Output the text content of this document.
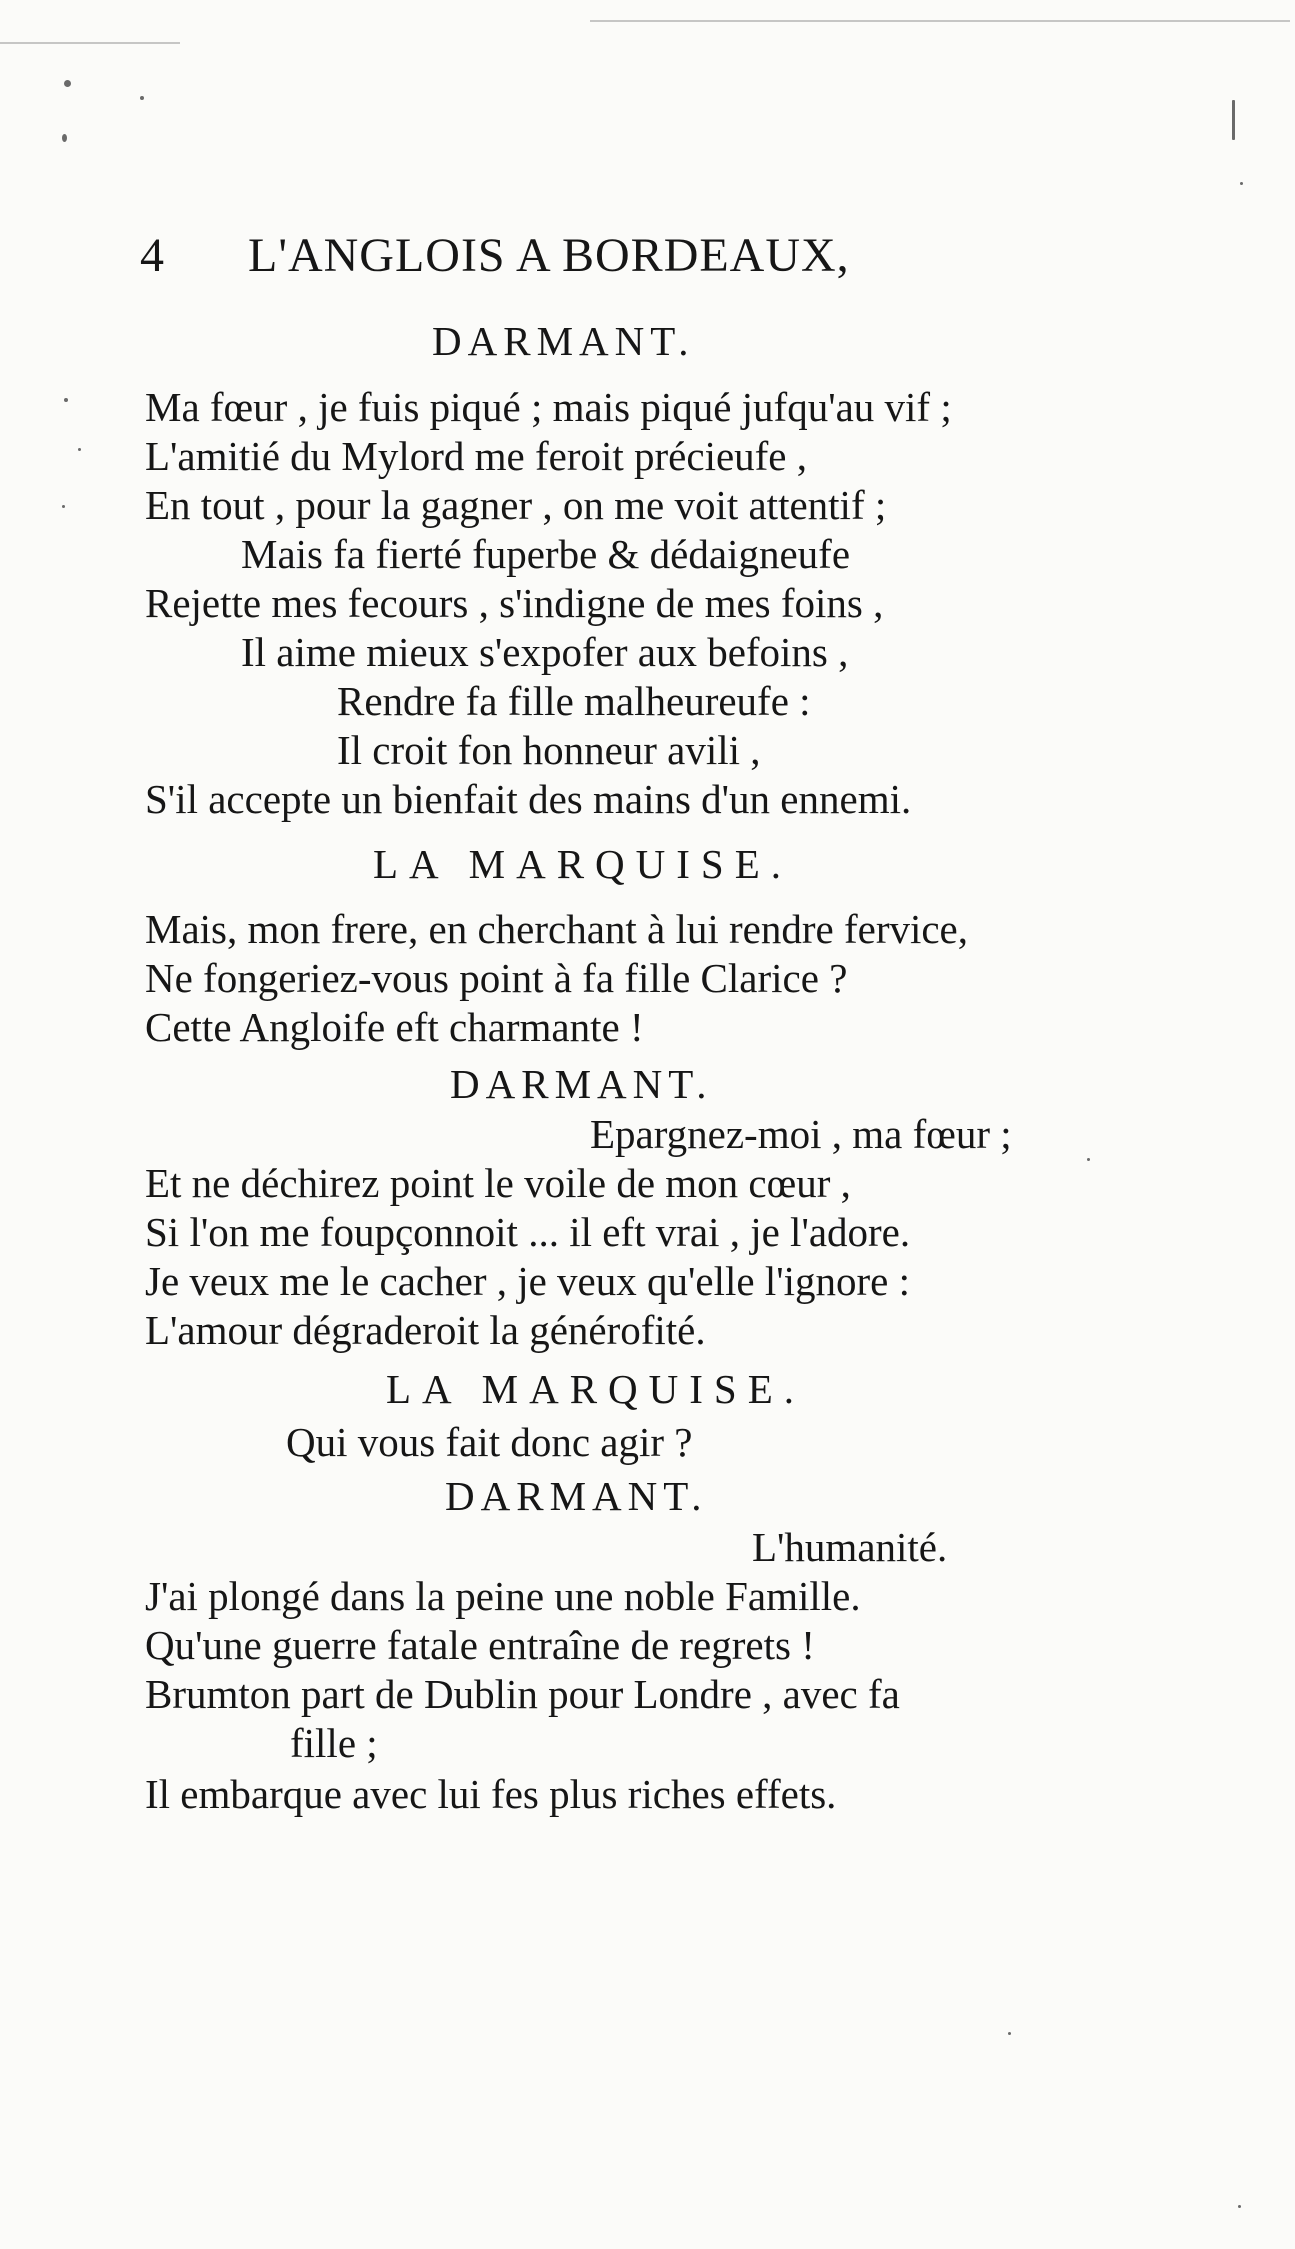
4 L'ANGLOIS A BORDEAUX,
DARMANT.
Ma fœur , je fuis piqué ; mais piqué jufqu'au vif ;
L'amitié du Mylord me feroit précieufe ,
En tout , pour la gagner , on me voit attentif ;
Mais fa fierté fuperbe & dédaigneufe
Rejette mes fecours , s'indigne de mes foins ,
Il aime mieux s'expofer aux befoins ,
Rendre fa fille malheureufe :
Il croit fon honneur avili ,
S'il accepte un bienfait des mains d'un ennemi.
LA MARQUISE.
Mais, mon frere, en cherchant à lui rendre fervice,
Ne fongeriez-vous point à fa fille Clarice ?
Cette Angloife eft charmante !
DARMANT.
Epargnez-moi , ma fœur ;
Et ne déchirez point le voile de mon cœur ,
Si l'on me foupçonnoit ... il eft vrai , je l'adore.
Je veux me le cacher , je veux qu'elle l'ignore :
L'amour dégraderoit la générofité.
LA MARQUISE.
Qui vous fait donc agir ?
DARMANT.
L'humanité.
J'ai plongé dans la peine une noble Famille.
Qu'une guerre fatale entraîne de regrets !
Brumton part de Dublin pour Londre , avec fa
fille ;
Il embarque avec lui fes plus riches effets.
